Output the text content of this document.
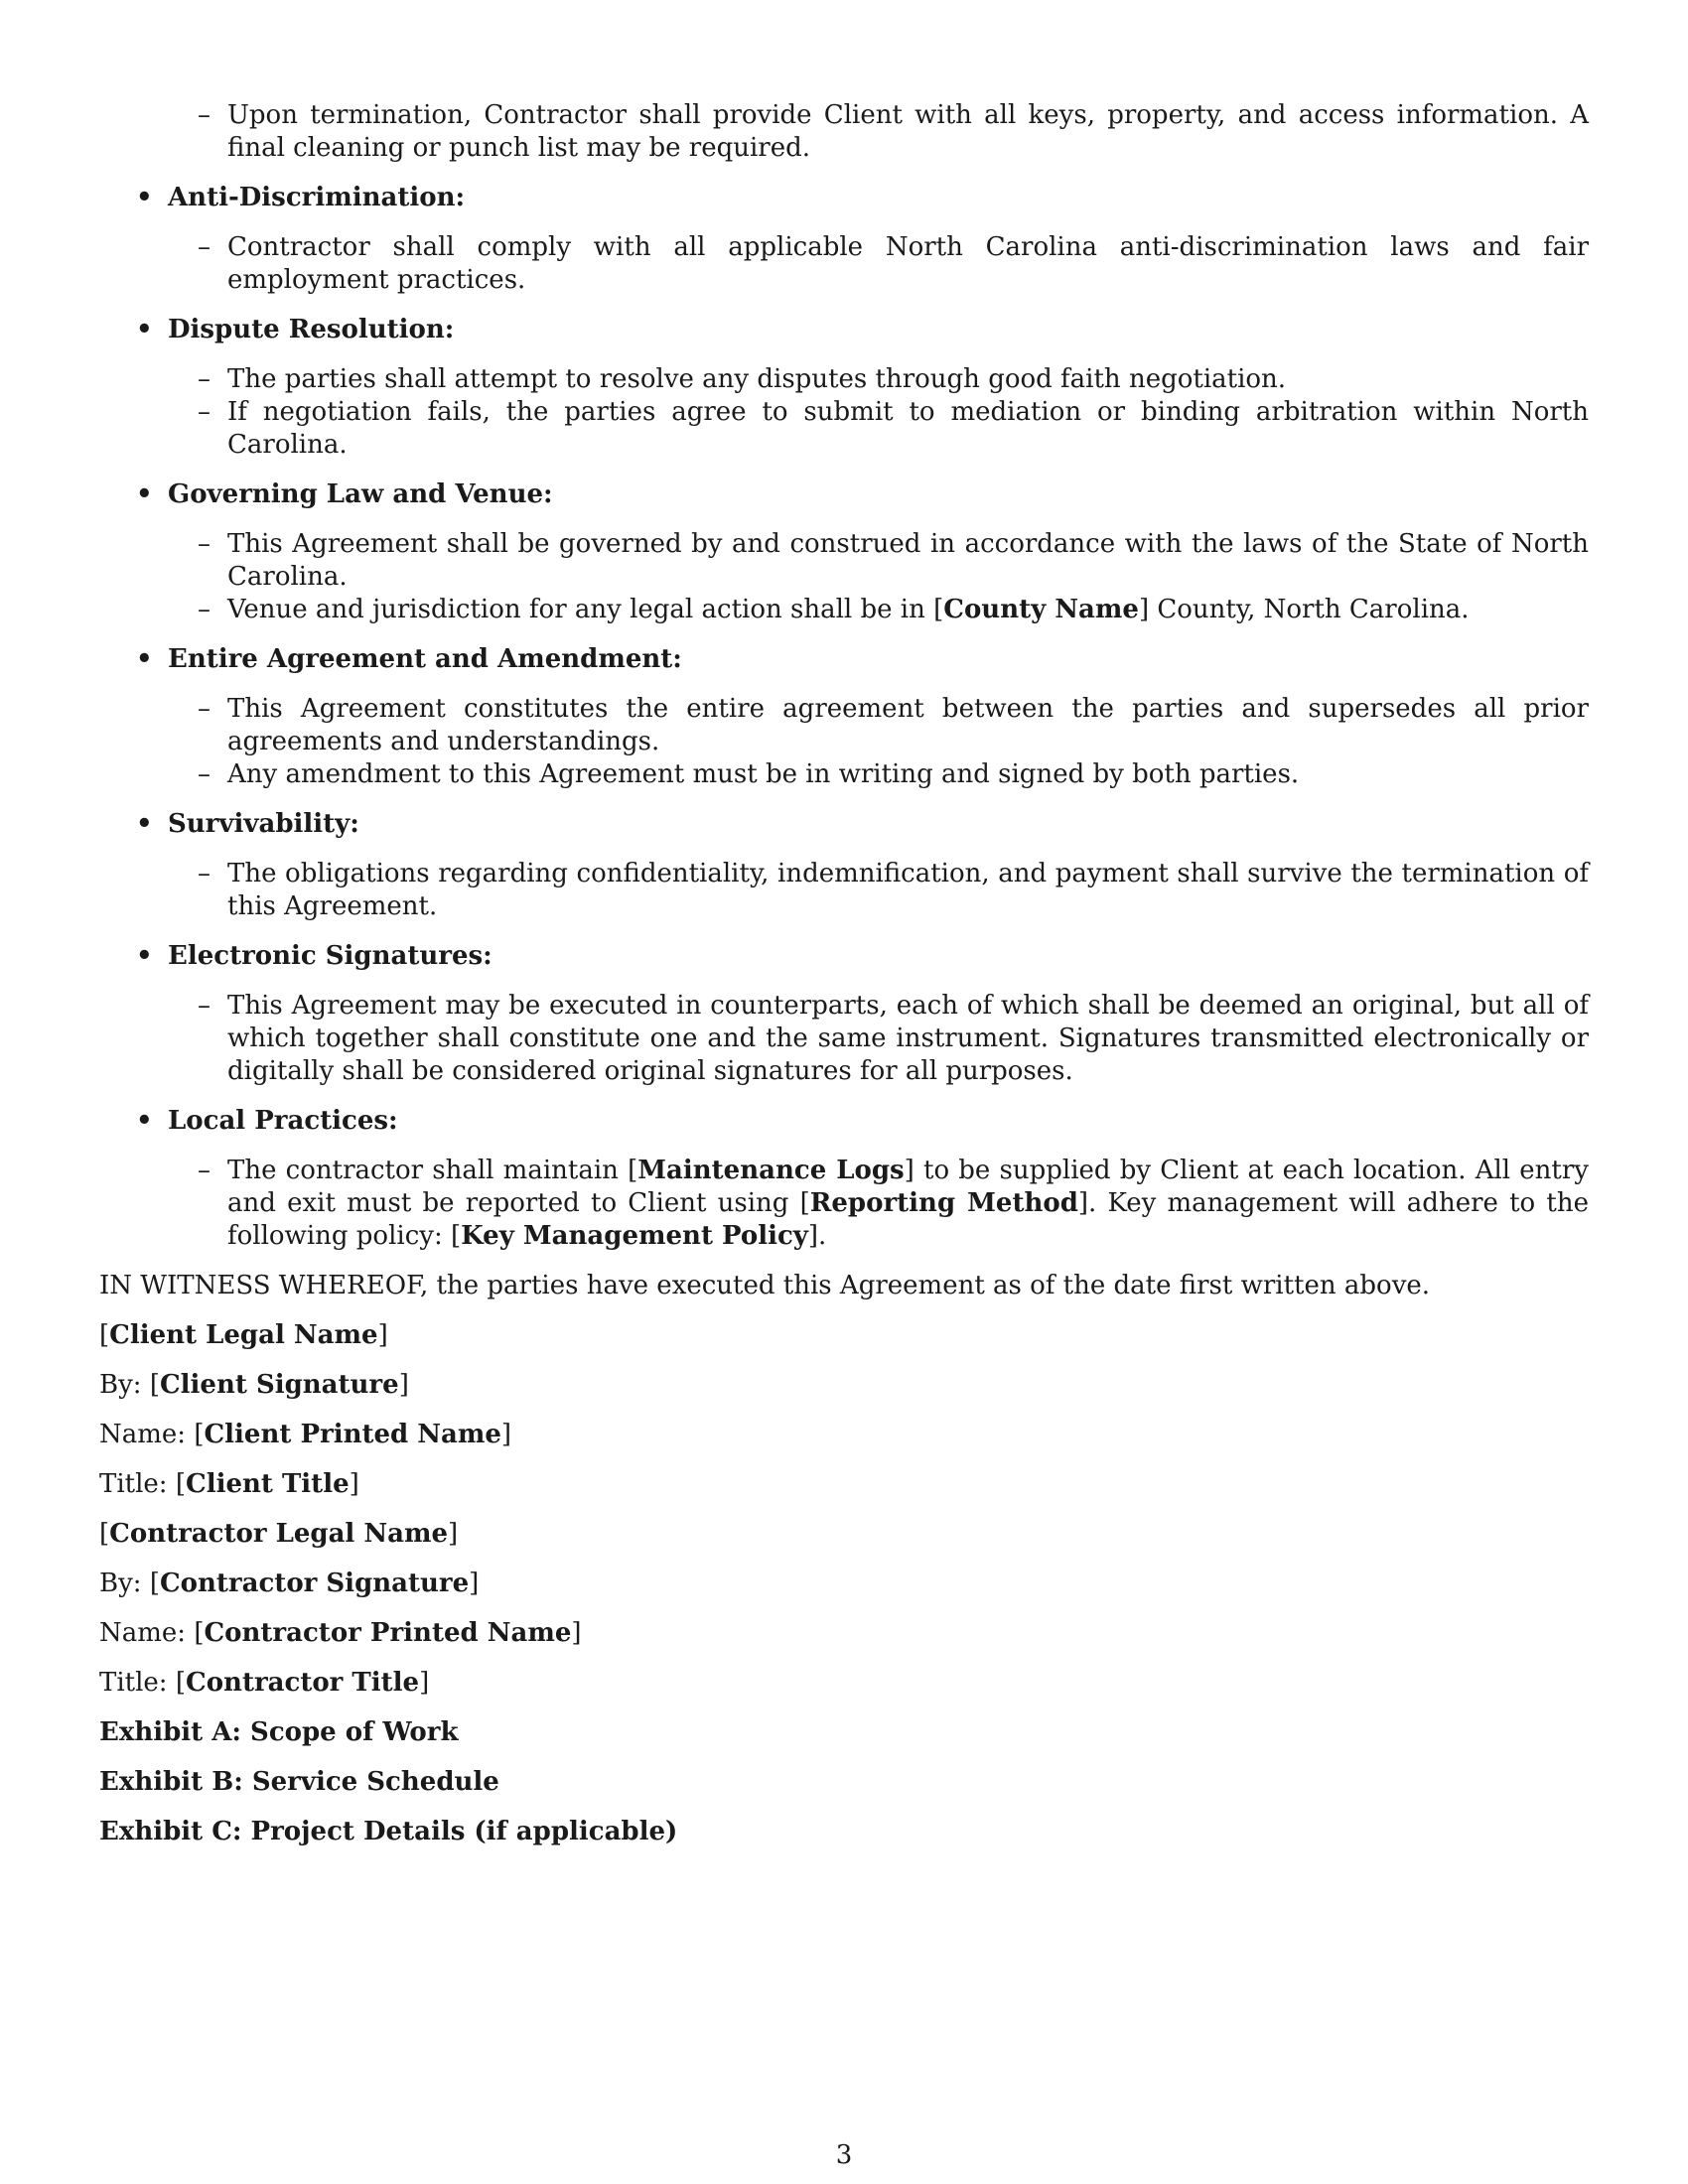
– Upon termination, Contractor shall provide Client with all keys, property, and access information. A final cleaning or punch list may be required.
• Anti-Discrimination:
– Contractor shall comply with all applicable North Carolina anti-discrimination laws and fair employment practices.
• Dispute Resolution:
– The parties shall attempt to resolve any disputes through good faith negotiation.
– If negotiation fails, the parties agree to submit to mediation or binding arbitration within North Carolina.
• Governing Law and Venue:
– This Agreement shall be governed by and construed in accordance with the laws of the State of North Carolina.
– Venue and jurisdiction for any legal action shall be in [County Name] County, North Carolina.
• Entire Agreement and Amendment:
– This Agreement constitutes the entire agreement between the parties and supersedes all prior agreements and understandings.
– Any amendment to this Agreement must be in writing and signed by both parties.
• Survivability:
– The obligations regarding confidentiality, indemnification, and payment shall survive the termination of this Agreement.
• Electronic Signatures:
– This Agreement may be executed in counterparts, each of which shall be deemed an original, but all of which together shall constitute one and the same instrument. Signatures transmitted electronically or digitally shall be considered original signatures for all purposes.
• Local Practices:
– The contractor shall maintain [Maintenance Logs] to be supplied by Client at each location. All entry and exit must be reported to Client using [Reporting Method]. Key management will adhere to the following policy: [Key Management Policy].
IN WITNESS WHEREOF, the parties have executed this Agreement as of the date first written above.
[Client Legal Name]
By: [Client Signature]
Name: [Client Printed Name]
Title: [Client Title]
[Contractor Legal Name]
By: [Contractor Signature]
Name: [Contractor Printed Name]
Title: [Contractor Title]
Exhibit A: Scope of Work
Exhibit B: Service Schedule
Exhibit C: Project Details (if applicable)
3
